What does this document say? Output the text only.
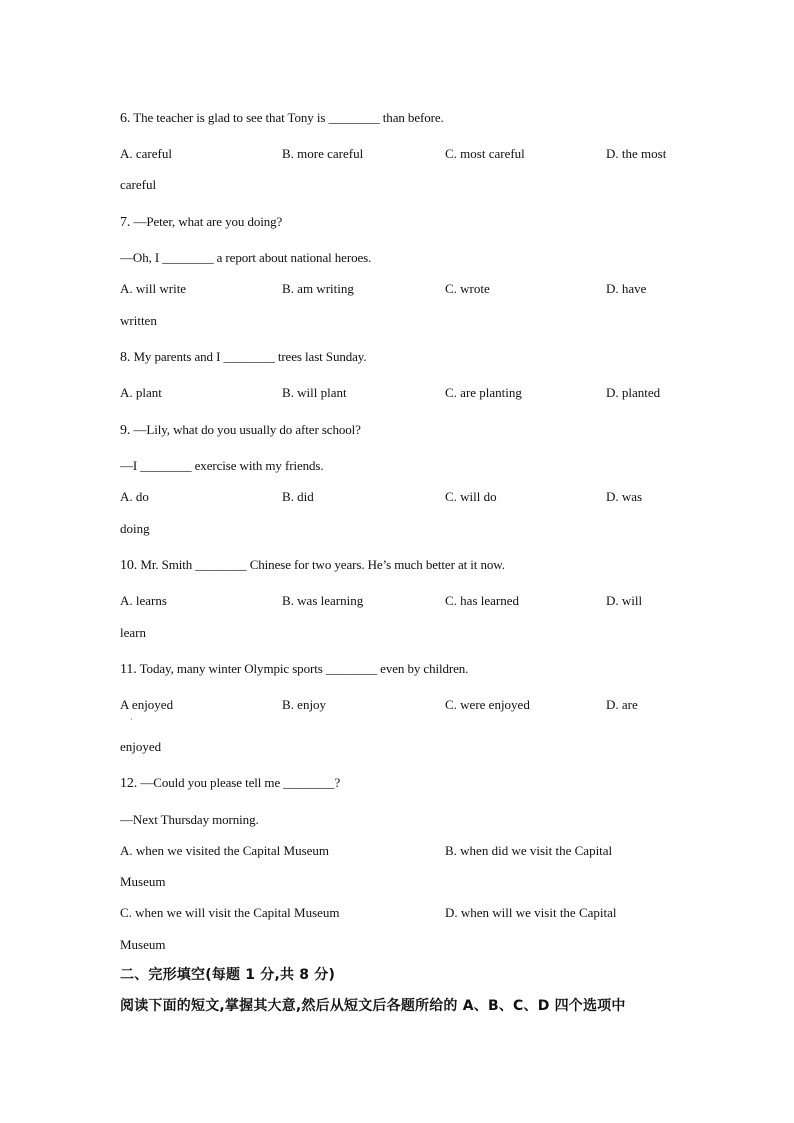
6. The teacher is glad to see that Tony is ________ than before.
A. careful	B. more careful	C. most careful	D. the most
careful
7. —Peter, what are you doing?
—Oh, I ________ a report about national heroes.
A. will write	B. am writing	C. wrote	D. have
written
8. My parents and I ________ trees last Sunday.
A. plant	B. will plant	C. are planting	D. planted
9. —Lily, what do you usually do after school?
—I ________ exercise with my friends.
A. do	B. did	C. will do	D. was
doing
10. Mr. Smith ________ Chinese for two years. He’s much better at it now.
A. learns	B. was learning	C. has learned	D. will
learn
11. Today, many winter Olympic sports ________ even by children.
A enjoyed	B. enjoy	C. were enjoyed	D. are
·
enjoyed
12. —Could you please tell me ________?
—Next Thursday morning.
A. when we visited the Capital Museum	B. when did we visit the Capital
Museum
C. when we will visit the Capital Museum	D. when will we visit the Capital
Museum
二、完形填空(每题 1 分,共 8 分)
阅读下面的短文,掌握其大意,然后从短文后各题所给的 A、B、C、D 四个选项中
